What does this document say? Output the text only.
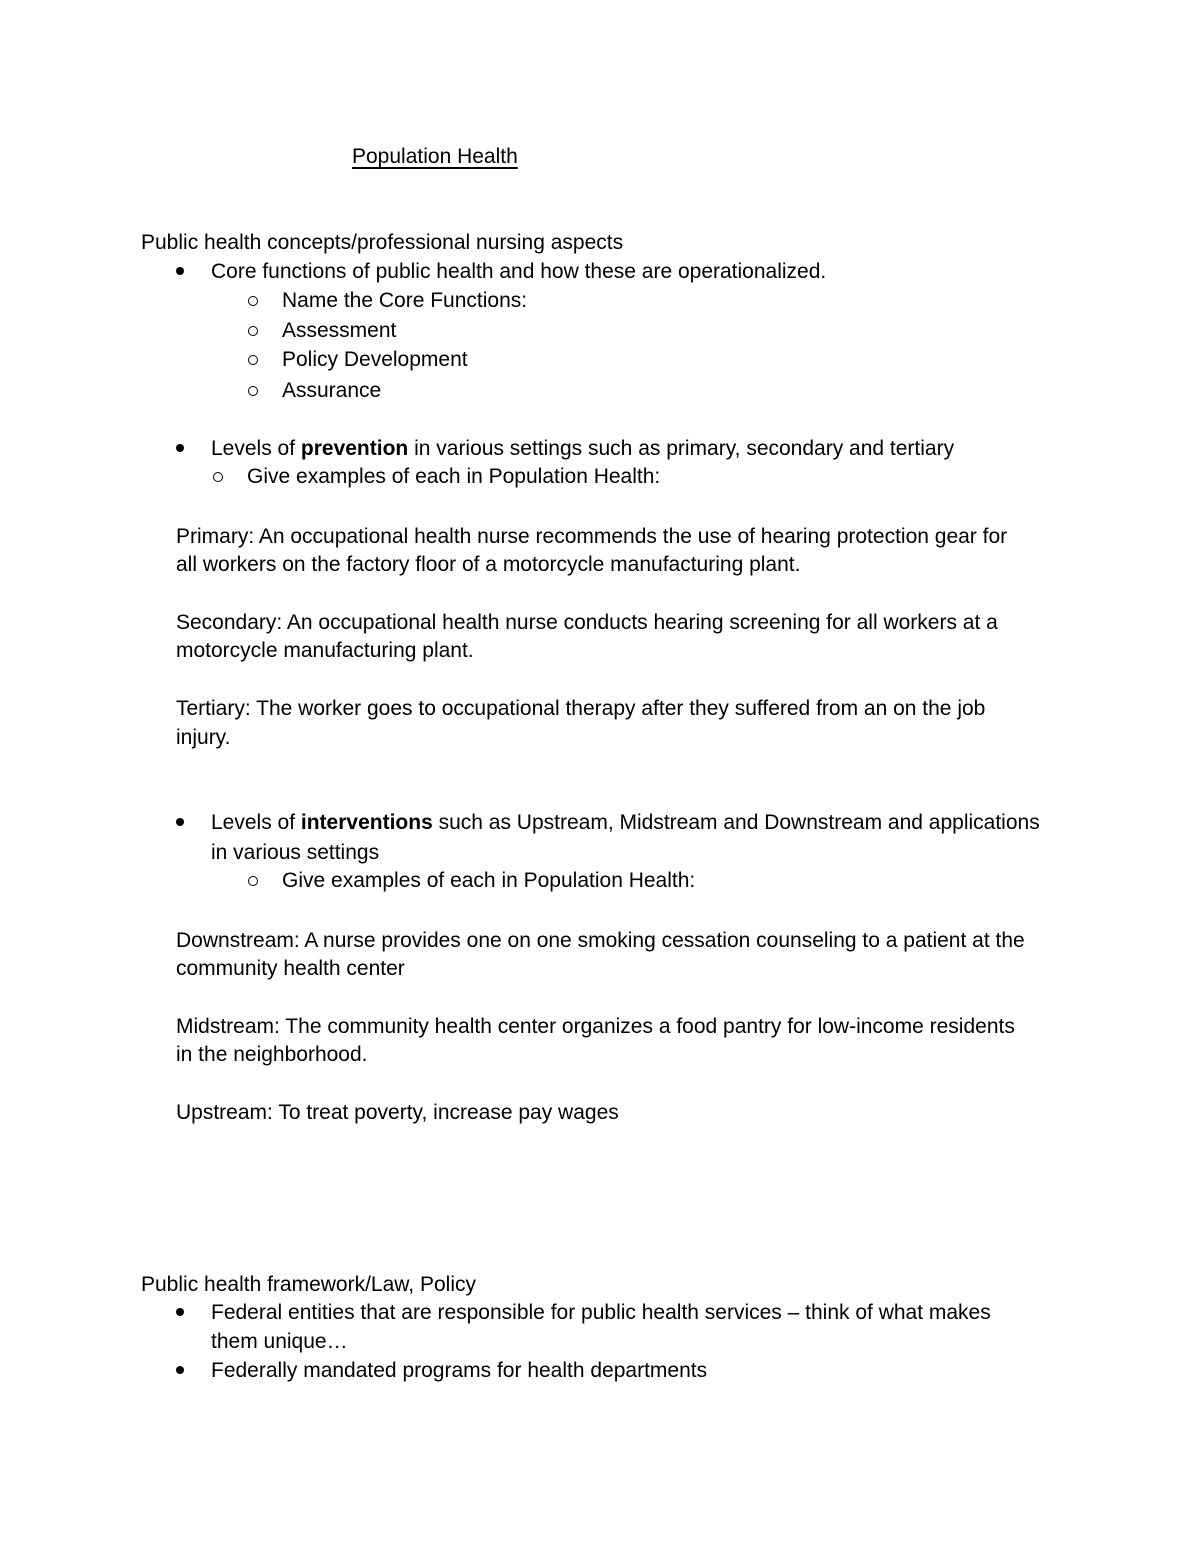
Population Health

Public health concepts/professional nursing aspects

Core functions of public health and how these are operationalized.

Name the Core Functions:

Assessment

Policy Development

Assurance

Levels of prevention in various settings such as primary, secondary and tertiary

Give examples of each in Population Health:

Primary: An occupational health nurse recommends the use of hearing protection gear for

all workers on the factory floor of a motorcycle manufacturing plant.

Secondary: An occupational health nurse conducts hearing screening for all workers at a

motorcycle manufacturing plant.

Tertiary: The worker goes to occupational therapy after they suffered from an on the job

injury.

Levels of interventions such as Upstream, Midstream and Downstream and applications

in various settings

Give examples of each in Population Health:

Downstream: A nurse provides one on one smoking cessation counseling to a patient at the

community health center

Midstream: The community health center organizes a food pantry for low-income residents

in the neighborhood.

Upstream: To treat poverty, increase pay wages

Public health framework/Law, Policy

Federal entities that are responsible for public health services – think of what makes

them unique…

Federally mandated programs for health departments
